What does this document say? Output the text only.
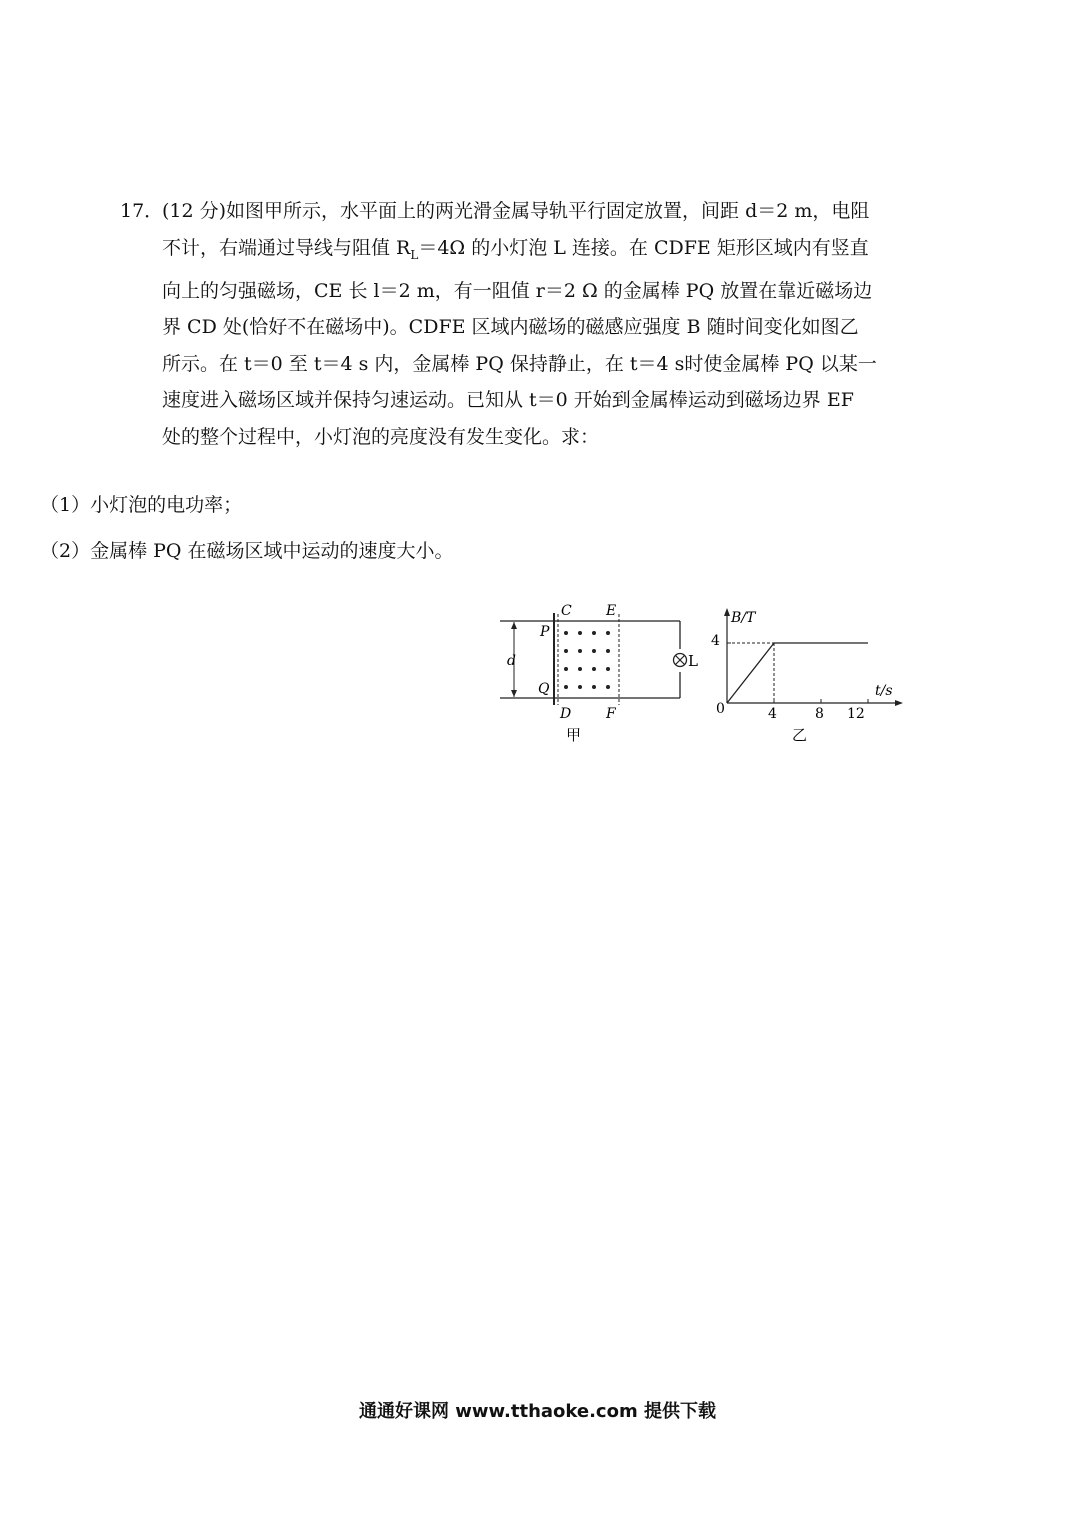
17．
(12 分)如图甲所示，水平面上的两光滑金属导轨平行固定放置，间距 d＝2 m，电阻
不计，右端通过导线与阻值 $R_L=4\Omega$ 的小灯泡 L 连接。在 CDFE 矩形区域内有竖直
向上的匀强磁场，CE 长 l＝2 m，有一阻值 r＝2 Ω 的金属棒 PQ 放置在靠近磁场边
界 CD 处(恰好不在磁场中)。CDFE 区域内磁场的磁感应强度 B 随时间变化如图乙
所示。在 t＝0 至 t＝4 s 内，金属棒 PQ 保持静止，在 t＝4 s时使金属棒 PQ 以某一
速度进入磁场区域并保持匀速运动。已知从 t＝0 开始到金属棒运动到磁场边界 EF
处的整个过程中，小灯泡的亮度没有发生变化。求：
（1）小灯泡的电功率；
（2）金属棒 PQ 在磁场区域中运动的速度大小。
L
d
C E
P
Q
D F
甲
B/T
t/s
0
4
4	8 12
乙
通通好课网 www.tthaoke.com 提供下载
